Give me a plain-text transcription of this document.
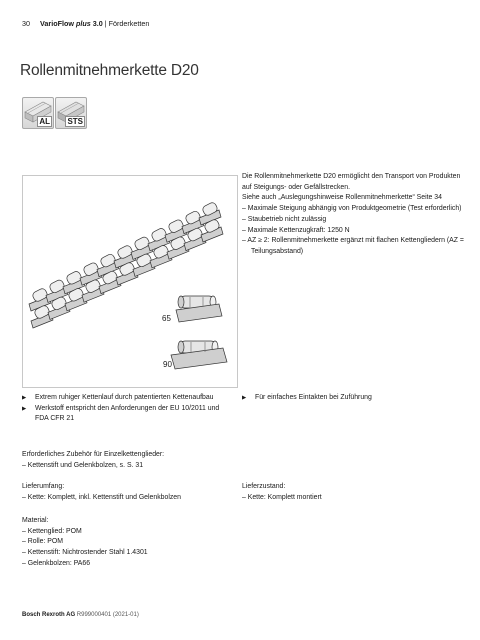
30 VarioFlow plus 3.0 | Förderketten
Rollenmitnehmerkette D20
AL STS
65
90

Die Rollenmitnehmerkette D20 ermöglicht den Transport von Produkten auf Steigungs- oder Gefällstrecken.

Siehe auch „Auslegungshinweise Rollenmitnehmerkette“ Seite 34

– Maximale Steigung abhängig von Produktgeometrie (Test erforderlich)

– Staubetrieb nicht zulässig

– Maximale Kettenzugkraft: 1250 N

– AZ ≥ 2: Rollenmitnehmerkette ergänzt mit flachen Kettengliedern (AZ = Teilungsabstand)

▶ Extrem ruhiger Kettenlauf durch patentierten Kettenaufbau
▶ Werkstoff entspricht den Anforderungen der EU 10/2011 und FDA CFR 21
▶ Für einfaches Eintakten bei Zuführung

Erforderliches Zubehör für Einzelkettenglieder:

– Kettenstift und Gelenkbolzen, s. S. 31

Lieferumfang:

– Kette: Komplett, inkl. Kettenstift und Gelenkbolzen

Lieferzustand:

– Kette: Komplett montiert

Material:

– Kettenglied: POM

– Rolle: POM

– Kettenstift: Nichtrostender Stahl 1.4301

– Gelenkbolzen: PA66

Bosch Rexroth AG R999000401 (2021-01)
